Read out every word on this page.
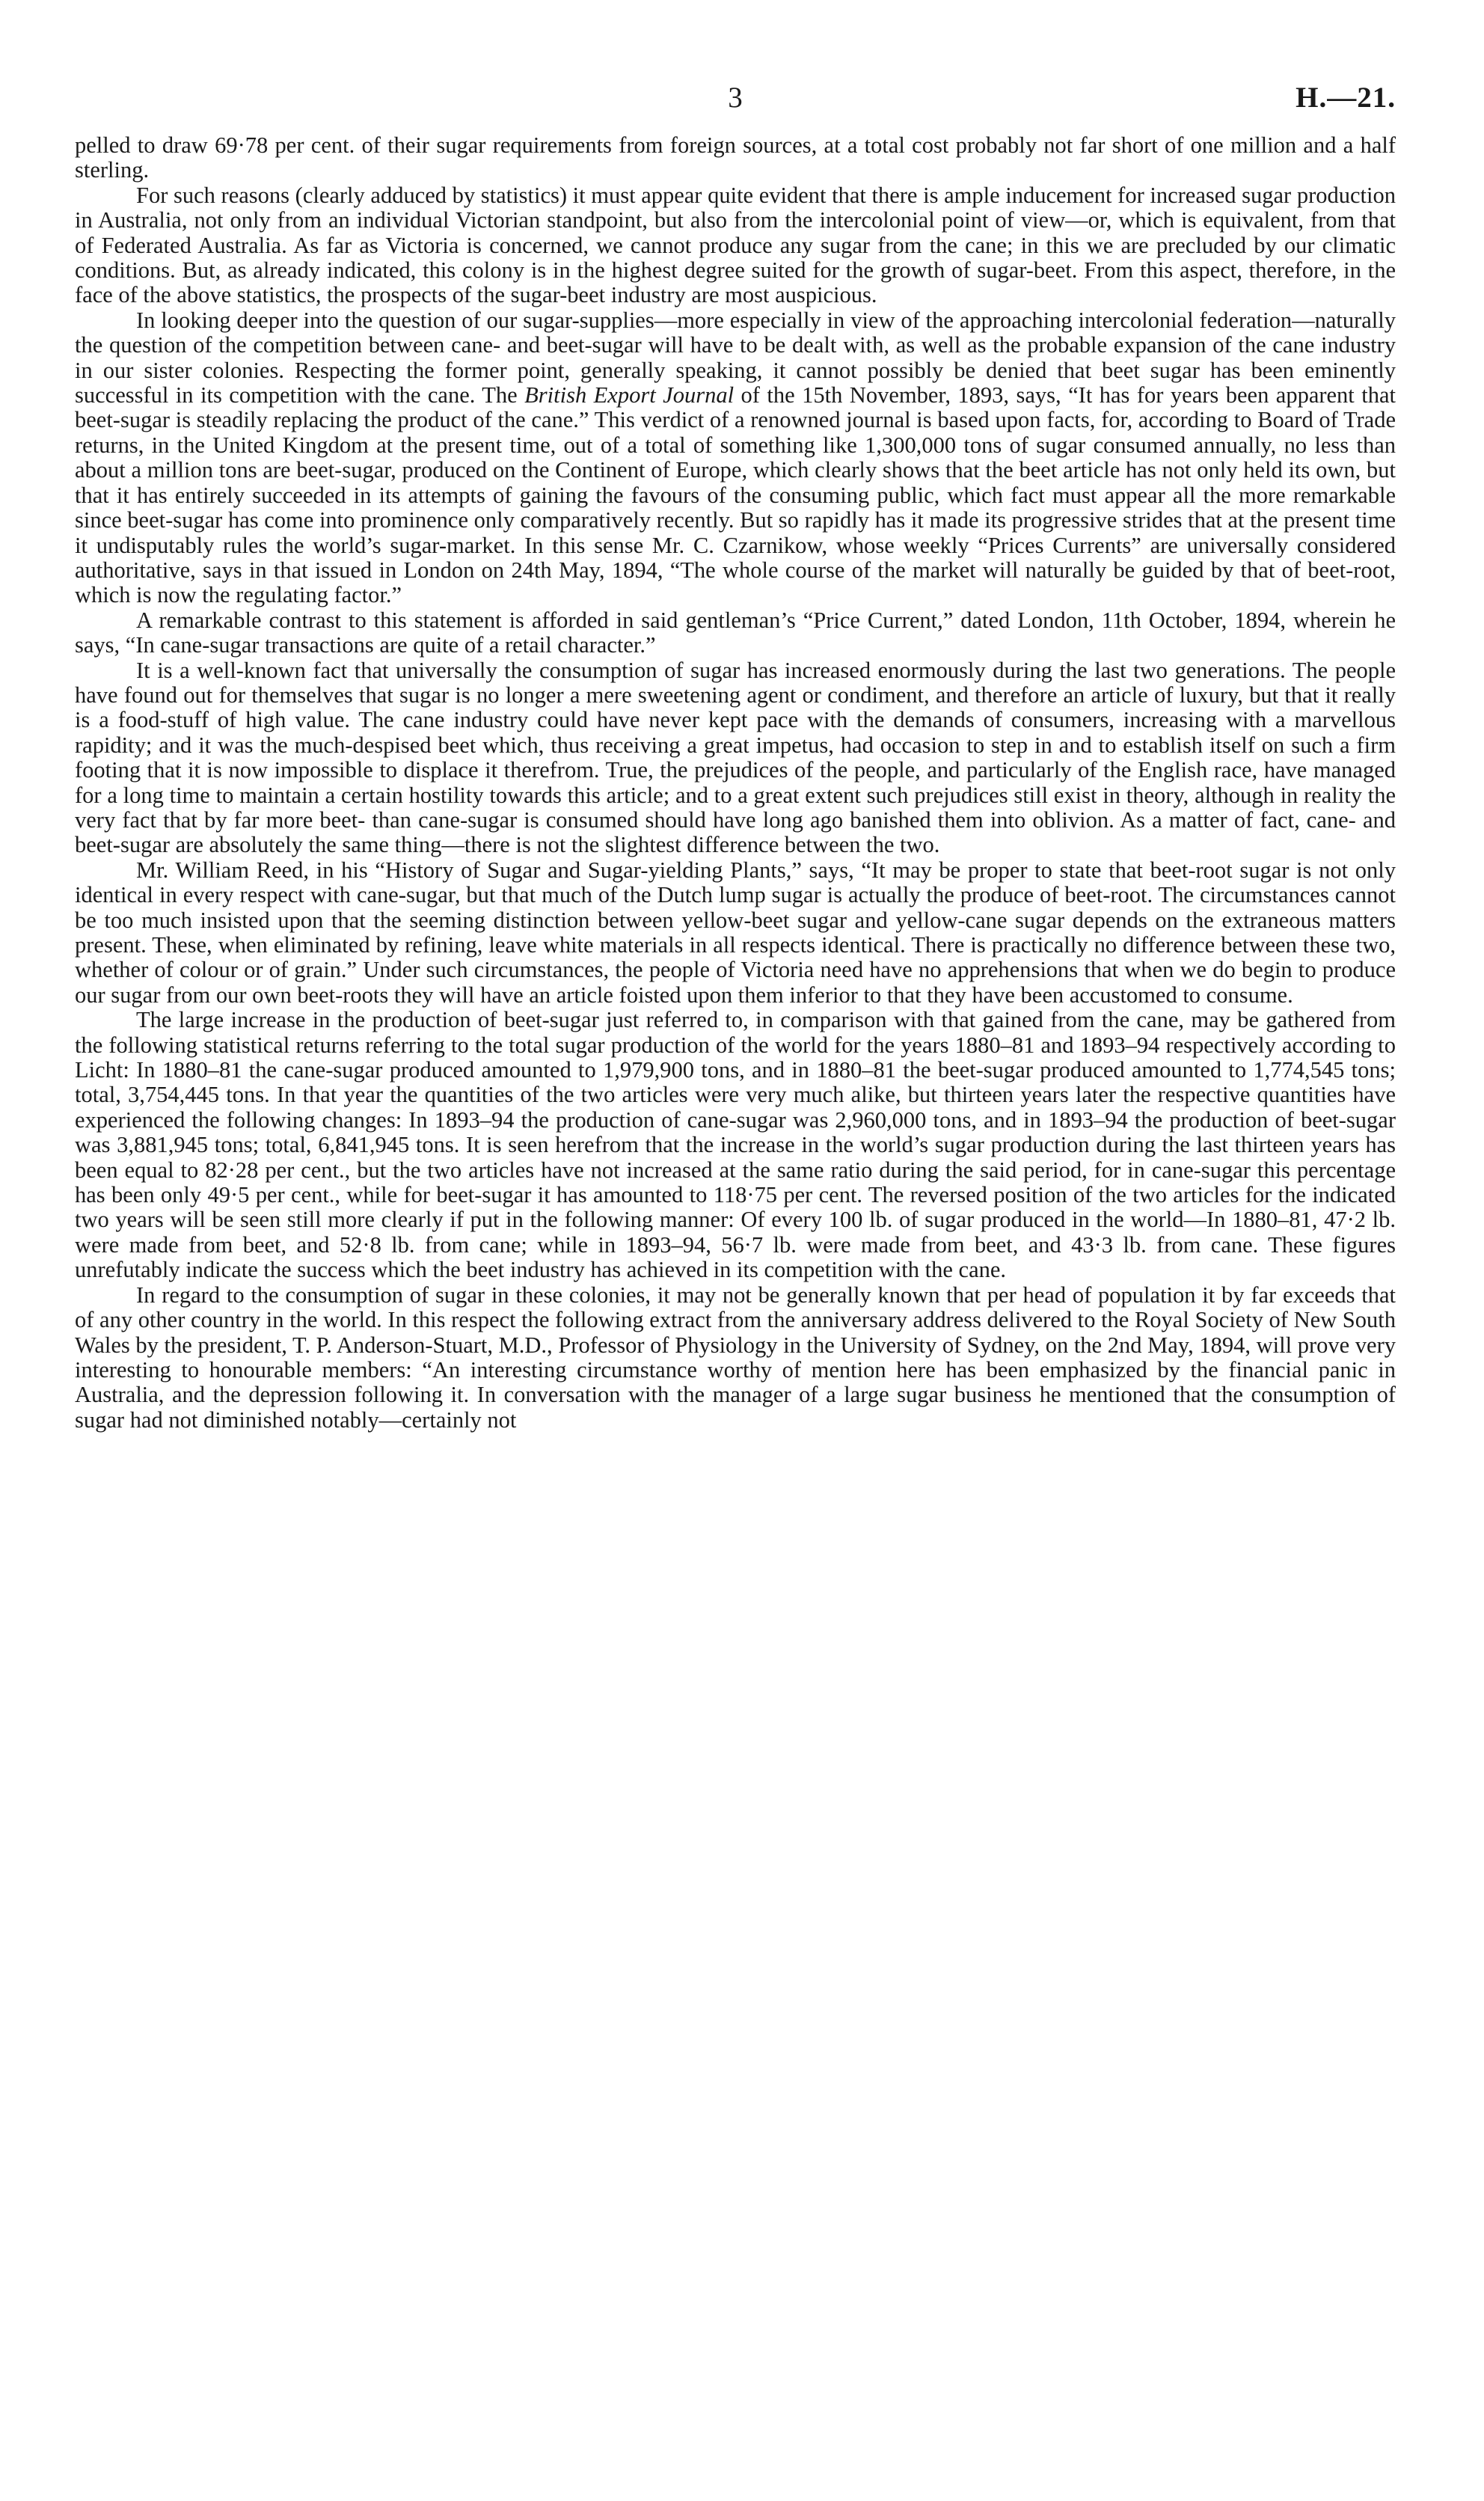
3	H.—21.

pelled to draw 69·78 per cent. of their sugar requirements from foreign sources, at a total cost probably not far short of one million and a half sterling.

For such reasons (clearly adduced by statistics) it must appear quite evident that there is ample inducement for increased sugar production in Australia, not only from an individual Victorian standpoint, but also from the intercolonial point of view—or, which is equivalent, from that of Federated Australia. As far as Victoria is concerned, we cannot produce any sugar from the cane; in this we are precluded by our climatic conditions. But, as already indicated, this colony is in the highest degree suited for the growth of sugar-beet. From this aspect, therefore, in the face of the above statistics, the prospects of the sugar-beet industry are most auspicious.

In looking deeper into the question of our sugar-supplies—more especially in view of the approaching intercolonial federation—naturally the question of the competition between cane- and beet-sugar will have to be dealt with, as well as the probable expansion of the cane industry in our sister colonies. Respecting the former point, generally speaking, it cannot possibly be denied that beet sugar has been eminently successful in its competition with the cane. The British Export Journal of the 15th November, 1893, says, “It has for years been apparent that beet-sugar is steadily replacing the product of the cane.” This verdict of a renowned journal is based upon facts, for, according to Board of Trade returns, in the United Kingdom at the present time, out of a total of something like 1,300,000 tons of sugar consumed annually, no less than about a million tons are beet-sugar, produced on the Continent of Europe, which clearly shows that the beet article has not only held its own, but that it has entirely succeeded in its attempts of gaining the favours of the consuming public, which fact must appear all the more remarkable since beet-sugar has come into prominence only comparatively recently. But so rapidly has it made its progressive strides that at the present time it undisputably rules the world’s sugar-market. In this sense Mr. C. Czarnikow, whose weekly “Prices Currents” are universally considered authoritative, says in that issued in London on 24th May, 1894, “The whole course of the market will naturally be guided by that of beet-root, which is now the regulating factor.”

A remarkable contrast to this statement is afforded in said gentleman’s “Price Current,” dated London, 11th October, 1894, wherein he says, “In cane-sugar transactions are quite of a retail character.”

It is a well-known fact that universally the consumption of sugar has increased enormously during the last two generations. The people have found out for themselves that sugar is no longer a mere sweetening agent or condiment, and therefore an article of luxury, but that it really is a food-stuff of high value. The cane industry could have never kept pace with the demands of consumers, increasing with a marvellous rapidity; and it was the much-despised beet which, thus receiving a great impetus, had occasion to step in and to establish itself on such a firm footing that it is now impossible to displace it therefrom. True, the prejudices of the people, and particularly of the English race, have managed for a long time to maintain a certain hostility towards this article; and to a great extent such prejudices still exist in theory, although in reality the very fact that by far more beet- than cane-sugar is consumed should have long ago banished them into oblivion. As a matter of fact, cane- and beet-sugar are absolutely the same thing—there is not the slightest difference between the two.

Mr. William Reed, in his “History of Sugar and Sugar-yielding Plants,” says, “It may be proper to state that beet-root sugar is not only identical in every respect with cane-sugar, but that much of the Dutch lump sugar is actually the produce of beet-root. The circumstances cannot be too much insisted upon that the seeming distinction between yellow-beet sugar and yellow-cane sugar depends on the extraneous matters present. These, when eliminated by refining, leave white materials in all respects identical. There is practically no difference between these two, whether of colour or of grain.” Under such circumstances, the people of Victoria need have no apprehensions that when we do begin to produce our sugar from our own beet-roots they will have an article foisted upon them inferior to that they have been accustomed to consume.

The large increase in the production of beet-sugar just referred to, in comparison with that gained from the cane, may be gathered from the following statistical returns referring to the total sugar production of the world for the years 1880–81 and 1893–94 respectively according to Licht: In 1880–81 the cane-sugar produced amounted to 1,979,900 tons, and in 1880–81 the beet-sugar produced amounted to 1,774,545 tons; total, 3,754,445 tons. In that year the quantities of the two articles were very much alike, but thirteen years later the respective quantities have experienced the following changes: In 1893–94 the production of cane-sugar was 2,960,000 tons, and in 1893–94 the production of beet-sugar was 3,881,945 tons; total, 6,841,945 tons. It is seen herefrom that the increase in the world’s sugar production during the last thirteen years has been equal to 82·28 per cent., but the two articles have not increased at the same ratio during the said period, for in cane-sugar this percentage has been only 49·5 per cent., while for beet-sugar it has amounted to 118·75 per cent. The reversed position of the two articles for the indicated two years will be seen still more clearly if put in the following manner: Of every 100 lb. of sugar produced in the world—In 1880–81, 47·2 lb. were made from beet, and 52·8 lb. from cane; while in 1893–94, 56·7 lb. were made from beet, and 43·3 lb. from cane. These figures unrefutably indicate the success which the beet industry has achieved in its competition with the cane.

In regard to the consumption of sugar in these colonies, it may not be generally known that per head of population it by far exceeds that of any other country in the world. In this respect the following extract from the anniversary address delivered to the Royal Society of New South Wales by the president, T. P. Anderson-Stuart, M.D., Professor of Physiology in the University of Sydney, on the 2nd May, 1894, will prove very interesting to honourable members: “An interesting circumstance worthy of mention here has been emphasized by the financial panic in Australia, and the depression following it. In conversation with the manager of a large sugar business he mentioned that the consumption of sugar had not diminished notably—certainly not
